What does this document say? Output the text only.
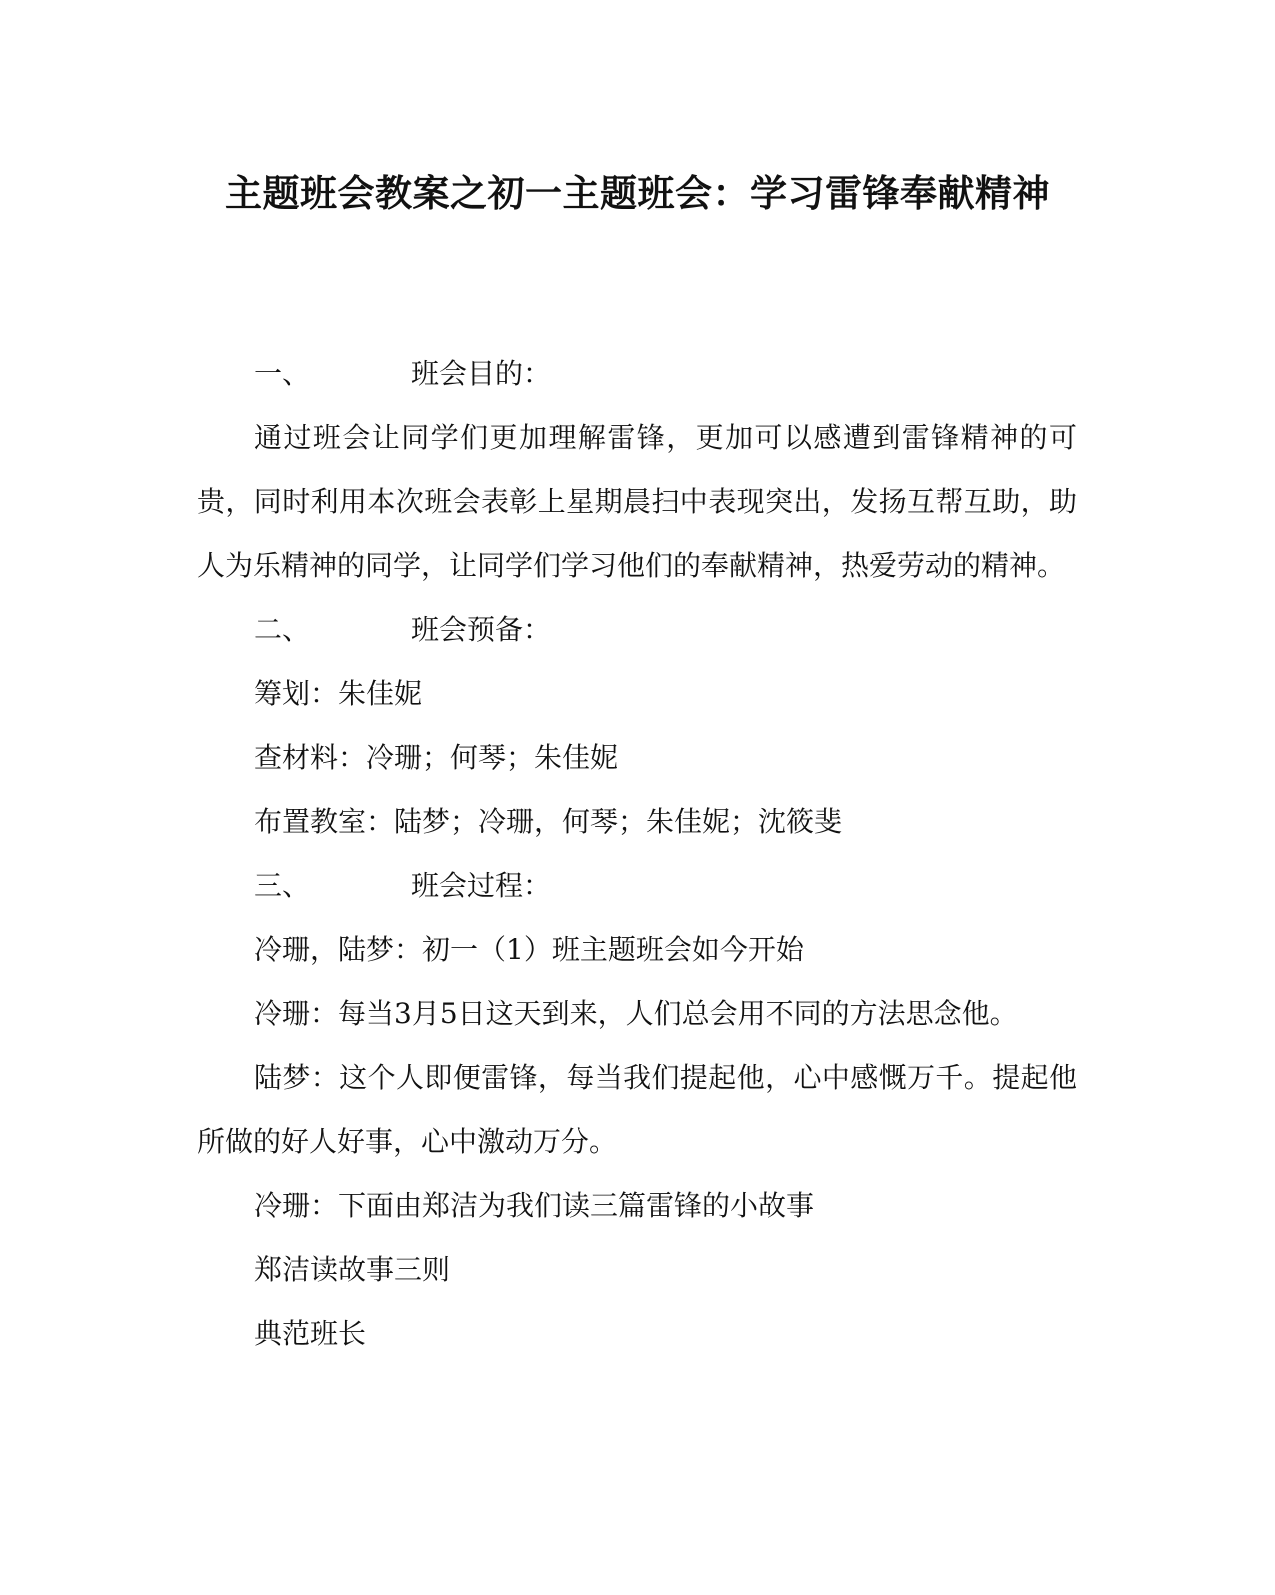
主题班会教案之初一主题班会：学习雷锋奉献精神
一、	班会目的：
通过班会让同学们更加理解雷锋，更加可以感遭到雷锋精神的可贵，同时利用本次班会表彰上星期晨扫中表现突出，发扬互帮互助，助人为乐精神的同学，让同学们学习他们的奉献精神，热爱劳动的精神。
二、	班会预备：
筹划：朱佳妮
查材料：冷珊；何琴；朱佳妮
布置教室：陆梦；冷珊，何琴；朱佳妮；沈筱斐
三、	班会过程：
冷珊，陆梦：初一（1）班主题班会如今开始
冷珊：每当3月5日这天到来，人们总会用不同的方法思念他。
陆梦：这个人即便雷锋，每当我们提起他，心中感慨万千。提起他所做的好人好事，心中激动万分。
冷珊：下面由郑洁为我们读三篇雷锋的小故事
郑洁读故事三则
典范班长
